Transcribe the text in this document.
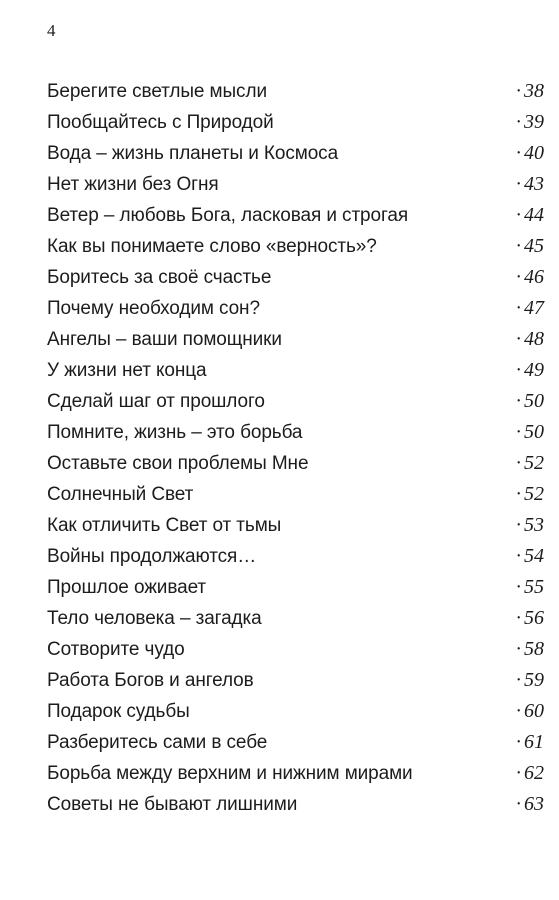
4
Берегите светлые мысли	· 38
Пообщайтесь с Природой	· 39
Вода – жизнь планеты и Космоса	· 40
Нет жизни без Огня	· 43
Ветер – любовь Бога, ласковая и строгая	· 44
Как вы понимаете слово «верность»?	· 45
Боритесь за своё счастье	· 46
Почему необходим сон?	· 47
Ангелы – ваши помощники	· 48
У жизни нет конца	· 49
Сделай шаг от прошлого	· 50
Помните, жизнь – это борьба	· 50
Оставьте свои проблемы Мне	· 52
Солнечный Свет	· 52
Как отличить Свет от тьмы	· 53
Войны продолжаются…	· 54
Прошлое оживает	· 55
Тело человека – загадка	· 56
Сотворите чудо	· 58
Работа Богов и ангелов	· 59
Подарок судьбы	· 60
Разберитесь сами в себе	· 61
Борьба между верхним и нижним мирами	· 62
Советы не бывают лишними	· 63
